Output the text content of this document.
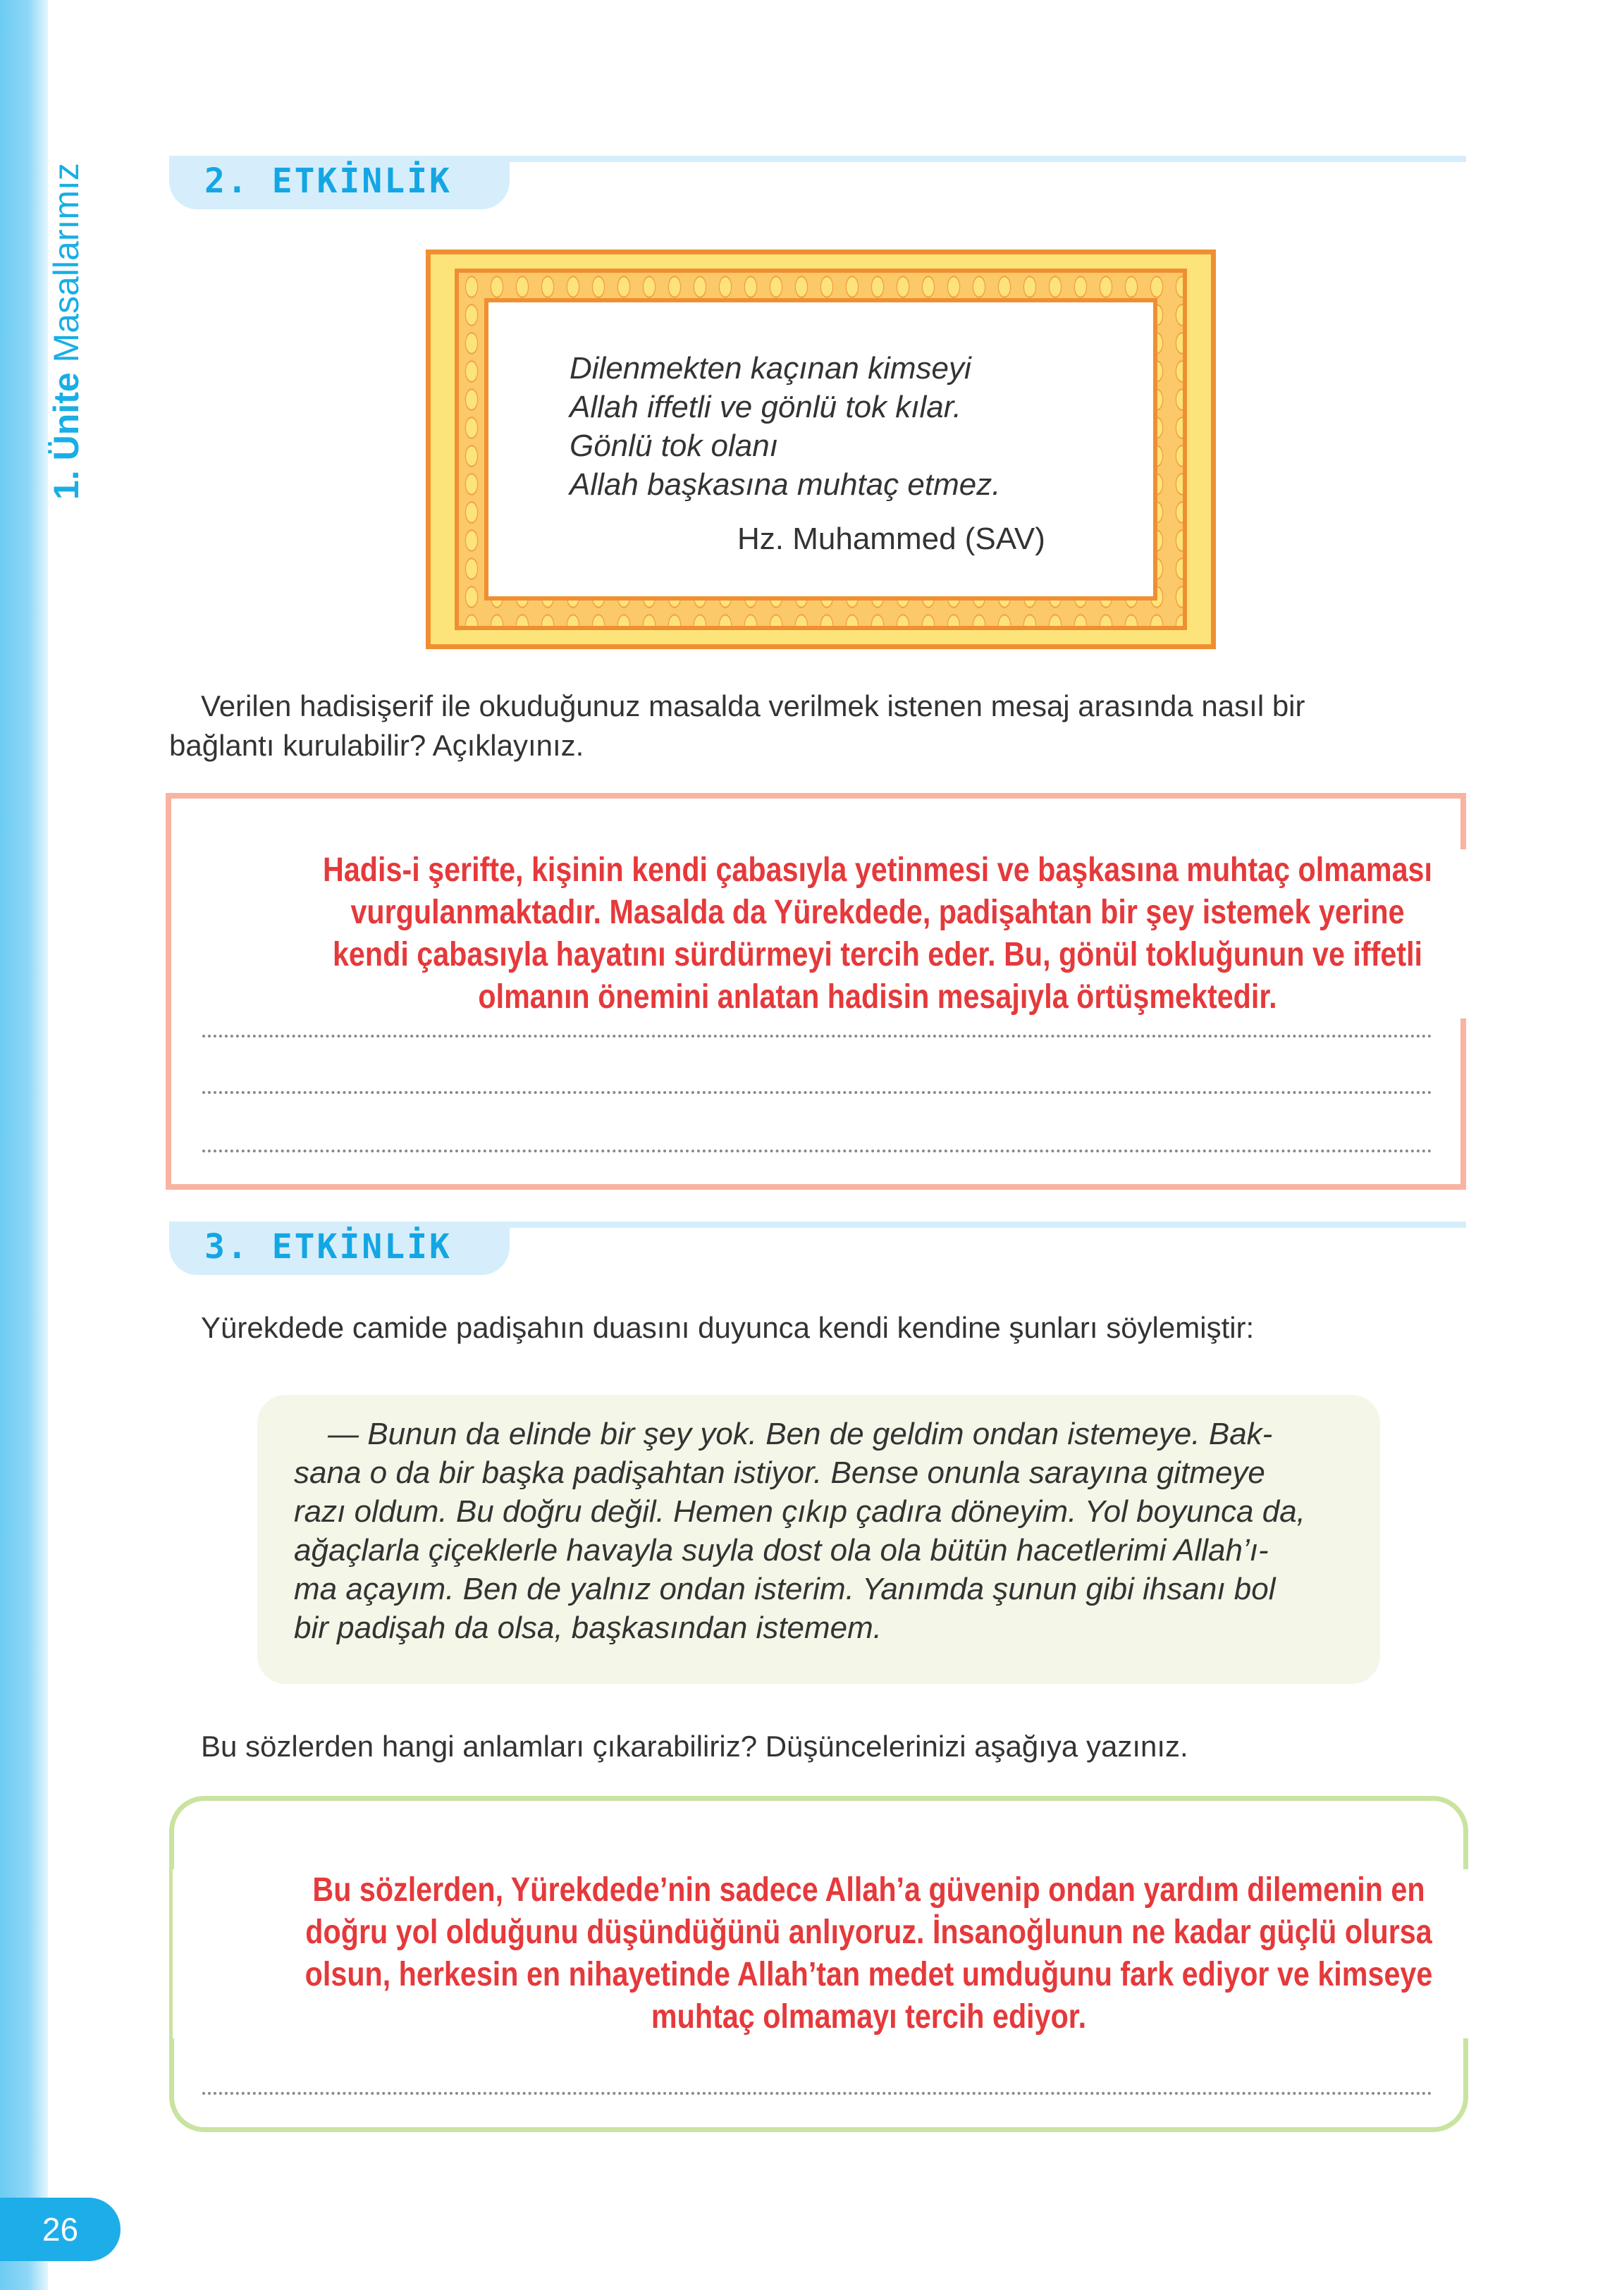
1. Ünite Masallarımız	2. ETKİNLİK
Dilenmekten kaçınan kimseyi
Allah iffetli ve gönlü tok kılar.
Gönlü tok olanı
Allah başkasına muhtaç etmez.
Hz. Muhammed (SAV)
Verilen hadisişerif ile okuduğunuz masalda verilmek istenen mesaj arasında nasıl bir
bağlantı kurulabilir? Açıklayınız.
Hadis-i şerifte, kişinin kendi çabasıyla yetinmesi ve başkasına muhtaç olmaması
vurgulanmaktadır. Masalda da Yürekdede, padişahtan bir şey istemek yerine
kendi çabasıyla hayatını sürdürmeyi tercih eder. Bu, gönül tokluğunun ve iffetli
olmanın önemini anlatan hadisin mesajıyla örtüşmektedir.
3. ETKİNLİK
Yürekdede camide padişahın duasını duyunca kendi kendine şunları söylemiştir:
— Bunun da elinde bir şey yok. Ben de geldim ondan istemeye. Bak-
sana o da bir başka padişahtan istiyor. Bense onunla sarayına gitmeye
razı oldum. Bu doğru değil. Hemen çıkıp çadıra döneyim. Yol boyunca da,
ağaçlarla çiçeklerle havayla suyla dost ola ola bütün hacetlerimi Allah’ı-
ma açayım. Ben de yalnız ondan isterim. Yanımda şunun gibi ihsanı bol
bir padişah da olsa, başkasından istemem.
Bu sözlerden hangi anlamları çıkarabiliriz? Düşüncelerinizi aşağıya yazınız.
Bu sözlerden, Yürekdede’nin sadece Allah’a güvenip ondan yardım dilemenin en
doğru yol olduğunu düşündüğünü anlıyoruz. İnsanoğlunun ne kadar güçlü olursa
olsun, herkesin en nihayetinde Allah’tan medet umduğunu fark ediyor ve kimseye
muhtaç olmamayı tercih ediyor.
26
